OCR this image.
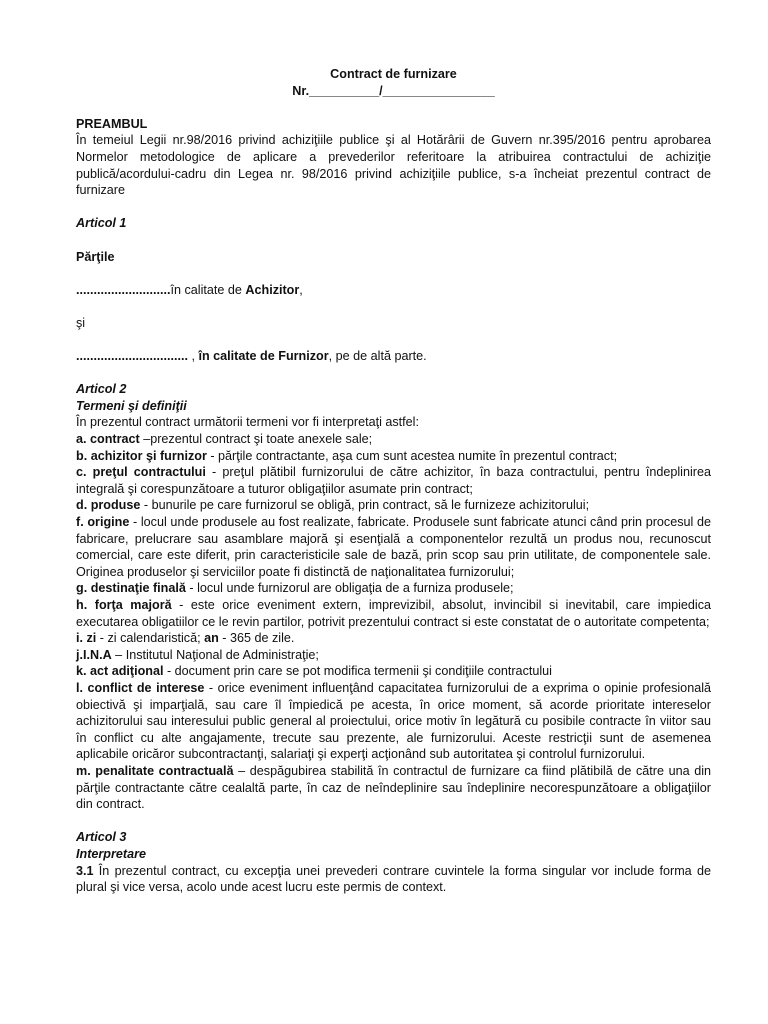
Contract de furnizare

Nr.__________/________________

PREAMBUL

În temeiul Legii nr.98/2016 privind achiziţiile publice şi al Hotărârii de Guvern nr.395/2016 pentru aprobarea Normelor metodologice de aplicare a prevederilor referitoare la atribuirea contractului de achiziţie publică/acordului-cadru din Legea nr. 98/2016 privind achiziţiile publice, s-a încheiat prezentul contract de furnizare

Articol 1

Părţile

...........................în calitate de Achizitor,

şi

................................ , în calitate de Furnizor, pe de altă parte.

Articol 2

Termeni şi definiţii

În prezentul contract următorii termeni vor fi interpretaţi astfel:

a. contract –prezentul contract şi toate anexele sale;

b. achizitor şi furnizor - părţile contractante, aşa cum sunt acestea numite în prezentul contract;

c. preţul contractului - preţul plătibil furnizorului de către achizitor, în baza contractului, pentru îndeplinirea integrală şi corespunzătoare a tuturor obligaţiilor asumate prin contract;

d. produse - bunurile pe care furnizorul se obligă, prin contract, să le furnizeze achizitorului;

f. origine - locul unde produsele au fost realizate, fabricate. Produsele sunt fabricate atunci când prin procesul de fabricare, prelucrare sau asamblare majoră şi esenţială a componentelor rezultă un produs nou, recunoscut comercial, care este diferit, prin caracteristicile sale de bază, prin scop sau prin utilitate, de componentele sale. Originea produselor şi serviciilor poate fi distinctă de naţionalitatea furnizorului;

g. destinaţie finală - locul unde furnizorul are obligaţia de a furniza produsele;

h. forţa majoră - este orice eveniment extern, imprevizibil, absolut, invincibil si inevitabil, care impiedica executarea obligatiilor ce le revin partilor, potrivit prezentului contract si este constatat de o autoritate competenta;

i. zi - zi calendaristică; an - 365 de zile.

j.I.N.A – Institutul Naţional de Administraţie;

k. act adiţional - document prin care se pot modifica termenii şi condiţiile contractului

l. conflict de interese - orice eveniment influenţând capacitatea furnizorului de a exprima o opinie profesională obiectivă şi imparţială, sau care îl împiedică pe acesta, în orice moment, să acorde prioritate intereselor achizitorului sau interesului public general al proiectului, orice motiv în legătură cu posibile contracte în viitor sau în conflict cu alte angajamente, trecute sau prezente, ale furnizorului. Aceste restricţii sunt de asemenea aplicabile oricăror subcontractanţi, salariaţi şi experţi acţionând sub autoritatea şi controlul furnizorului.

m. penalitate contractuală – despăgubirea stabilită în contractul de furnizare ca fiind plătibilă de către una din părţile contractante către cealaltă parte, în caz de neîndeplinire sau îndeplinire necorespunzătoare a obligaţiilor din contract.

Articol 3

Interpretare

3.1 În prezentul contract, cu excepţia unei prevederi contrare cuvintele la forma singular vor include forma de plural şi vice versa, acolo unde acest lucru este permis de context.
